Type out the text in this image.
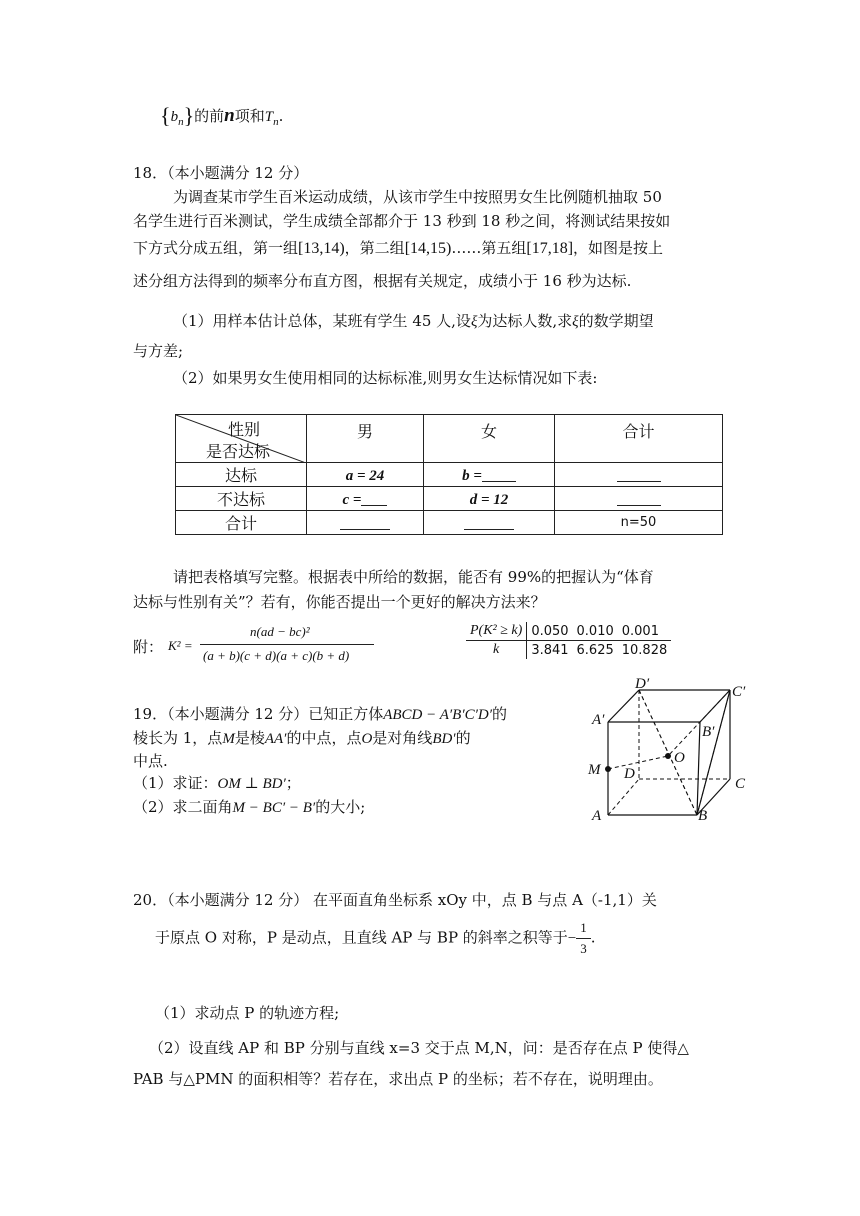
$\{b_n\}$的前n项和$T_n$.
18．（本小题满分 12 分）
为调查某市学生百米运动成绩，从该市学生中按照男女生比例随机抽取 50
名学生进行百米测试，学生成绩全部都介于 13 秒到 18 秒之间，将测试结果按如
下方式分成五组，第一组[13,14)，第二组[14,15)……第五组[17,18]，如图是按上
述分组方法得到的频率分布直方图，根据有关规定，成绩小于 16 秒为达标.
（1）用样本估计总体，某班有学生 45 人,设ξ为达标人数,求ξ的数学期望
与方差;
（2）如果男女生使用相同的达标标准,则男女生达标情况如下表:
性别
是否达标	男	女	合计
达标	a = 24	b =	
不达标	c =	d = 12	
合计			n=50
请把表格填写完整。根据表中所给的数据，能否有 99%的把握认为“体育
达标与性别有关”？若有，你能否提出一个更好的解决方法来？
附： K² =
n(ad − bc)²
(a + b)(c + d)(a + c)(b + d)
P(K² ≥ k)	0.050	0.010	0.001
k	3.841	6.625	10.828
19．（本小题满分 12 分）已知正方体ABCD − A′B′C′D′的
棱长为 1，点M是棱AA′的中点，点O是对角线BD′的
中点.
（1）求证：OM ⊥ BD′；
（2）求二面角M − BC′ − B′的大小;
D′	C′
A′
B′
O
M D
C
A	B
20．（本小题满分 12 分） 在平面直角坐标系 xOy 中，点 B 与点 A（-1,1）关
于原点 O 对称，P 是动点，且直线 AP 与 BP 的斜率之积等于− $\frac{1}{3}$ .
（1）求动点 P 的轨迹方程;
（2）设直线 AP 和 BP 分别与直线 x=3 交于点 M,N，问：是否存在点 P 使得△
PAB 与△PMN 的面积相等？若存在，求出点 P 的坐标；若不存在，说明理由。
